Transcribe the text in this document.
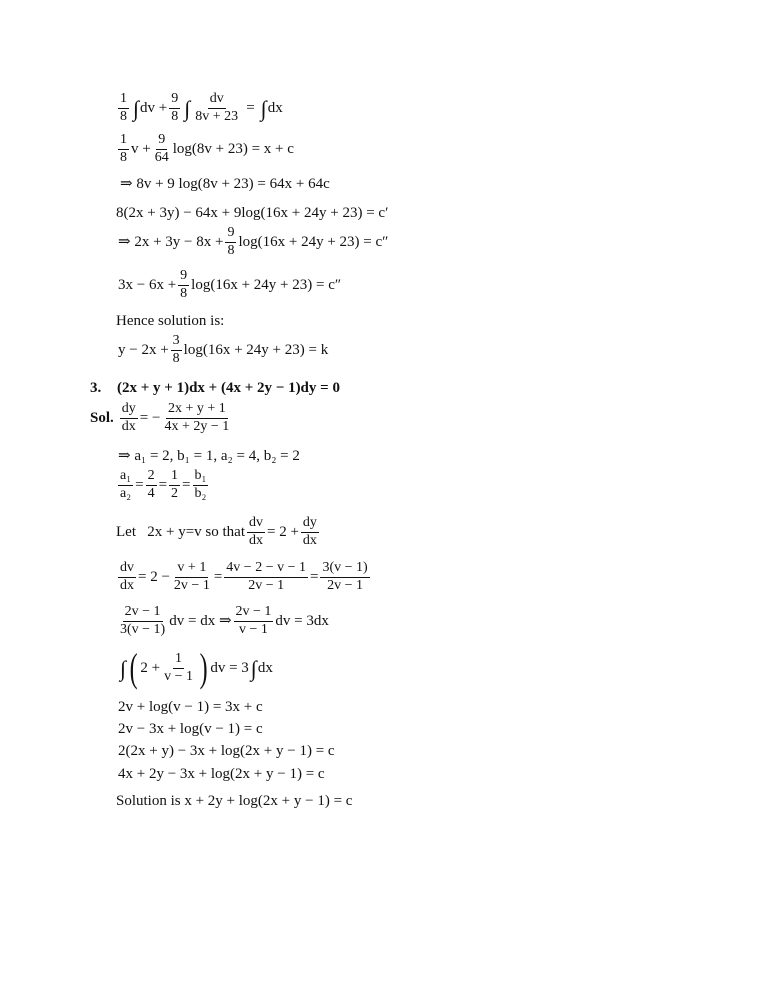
$\frac{1}{8}$ ∫ dv + $\frac{9}{8}$ ∫ $\frac{dv}{8v + 23}$ = ∫ dx
$\frac{1}{8}$ $v + \frac{9}{64} \log(8v + 23) = x + c$
⇒ 8v + 9 log(8v + 23) = 64x + 64c
8(2x + 3y) − 64x + 9log(16x + 24y + 23) = c′
⇒ $2x + 3y - 8x + \frac{9}{8} \log(16x + 24y + 23) = c''$
$3x - 6x + \frac{9}{8} \log(16x + 24y + 23) = c''$
Hence solution is:
$y - 2x + \frac{3}{8} \log(16x + 24y + 23) = k$
3.	(2x + y + 1)dx + (4x + 2y − 1)dy = 0
Sol. $\frac{dy}{dx}$ = − $\frac{2x + y + 1}{4x + 2y - 1}$
⇒ a₁ = 2, b₁ = 1, a₂ = 4, b₂ = 2
$\frac{\text{a₁}}{\text{a₂}} = \frac{2}{4} = \frac{1}{2} = \frac{\text{b₁}}{\text{b₂}}$
Let   2x + y=v so that $\frac{dv}{dx} = 2 + \frac{dy}{dx}$
$\frac{dv}{dx} = 2 - \frac{v + 1}{2v - 1} = \frac{4v - 2 - v - 1}{2v - 1} = \frac{3(v - 1)}{2v - 1}$
$\frac{2v - 1}{3(v - 1)}$ dv = dx ⇒ $\frac{2v - 1}{v - 1}$ dv = 3dx
∫ ( $2 + \frac{1}{v - 1}$ ) dv = 3 ∫ dx
2v + log(v − 1) = 3x + c
2v − 3x + log(v − 1) = c
2(2x + y) − 3x + log(2x + y − 1) = c
4x + 2y − 3x + log(2x + y − 1) = c
Solution is x + 2y + log(2x + y − 1) = c
